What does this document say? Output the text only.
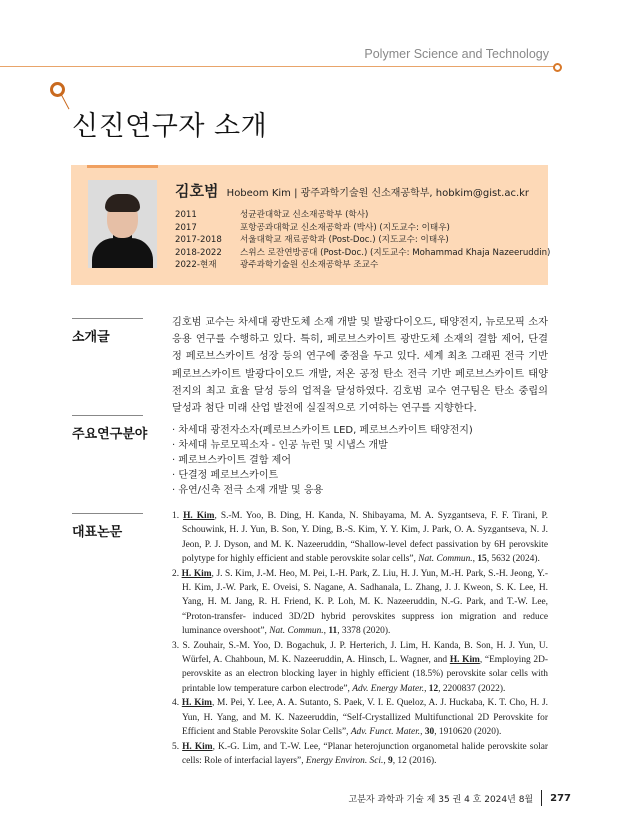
Polymer Science and Technology
신진연구자 소개
김호범 Hobeom Kim | 광주과학기술원 신소재공학부, hobkim@gist.ac.kr
2011	성균관대학교 신소재공학부 (학사)
2017	포항공과대학교 신소재공학과 (박사) (지도교수: 이태우)
2017-2018	서울대학교 재료공학과 (Post-Doc.) (지도교수: 이태우)
2018-2022	스위스 로잔연방공대 (Post-Doc.) (지도교수: Mohammad Khaja Nazeeruddin)
2022-현재	광주과학기술원 신소재공학부 조교수
소개글
김호범 교수는 차세대 광반도체 소재 개발 및 발광다이오드, 태양전지, 뉴로모픽 소자 응용 연구를 수행하고 있다. 특히, 페로브스카이트 광반도체 소재의 결함 제어, 단결정 페로브스카이트 성장 등의 연구에 중점을 두고 있다. 세계 최초 그래핀 전극 기반 페로브스카이트 발광다이오드 개발, 저온 공정 탄소 전극 기반 페로브스카이트 태양전지의 최고 효율 달성 등의 업적을 달성하였다. 김호범 교수 연구팀은 탄소 중립의 달성과 첨단 미래 산업 발전에 실질적으로 기여하는 연구를 지향한다.
주요연구분야 · 차세대 광전자소자(페로브스카이트 LED, 페로브스카이트 태양전지)
· 차세대 뉴로모픽소자 - 인공 뉴런 및 시냅스 개발
· 페로브스카이트 결함 제어
· 단결정 페로브스카이트
· 유연/신축 전극 소재 개발 및 응용
대표논문
1. H. Kim, S.-M. Yoo, B. Ding, H. Kanda, N. Shibayama, M. A. Syzgantseva, F. F. Tirani, P. Schouwink, H. J. Yun, B. Son, Y. Ding, B.-S. Kim, Y. Y. Kim, J. Park, O. A. Syzgantseva, N. J. Jeon, P. J. Dyson, and M. K. Nazeeruddin, “Shallow-level defect passivation by 6H perovskite polytype for highly efficient and stable perovskite solar cells”, Nat. Commun., 15, 5632 (2024).
2. H. Kim, J. S. Kim, J.-M. Heo, M. Pei, I.-H. Park, Z. Liu, H. J. Yun, M.-H. Park, S.-H. Jeong, Y.-H. Kim, J.-W. Park, E. Oveisi, S. Nagane, A. Sadhanala, L. Zhang, J. J. Kweon, S. K. Lee, H. Yang, H. M. Jang, R. H. Friend, K. P. Loh, M. K. Nazeeruddin, N.-G. Park, and T.-W. Lee, “Proton-transfer- induced 3D/2D hybrid perovskites suppress ion migration and reduce luminance overshoot”, Nat. Commun., 11, 3378 (2020).
3. S. Zouhair, S.-M. Yoo, D. Bogachuk, J. P. Herterich, J. Lim, H. Kanda, B. Son, H. J. Yun, U. Würfel, A. Chahboun, M. K. Nazeeruddin, A. Hinsch, L. Wagner, and H. Kim, “Employing 2D-perovskite as an electron blocking layer in highly efficient (18.5%) perovskite solar cells with printable low temperature carbon electrode”, Adv. Energy Mater., 12, 2200837 (2022).
4. H. Kim, M. Pei, Y. Lee, A. A. Sutanto, S. Paek, V. I. E. Queloz, A. J. Huckaba, K. T. Cho, H. J. Yun, H. Yang, and M. K. Nazeeruddin, “Self-Crystallized Multifunctional 2D Perovskite for Efficient and Stable Perovskite Solar Cells”, Adv. Funct. Mater., 30, 1910620 (2020).
5. H. Kim, K.-G. Lim, and T.-W. Lee, “Planar heterojunction organometal halide perovskite solar cells: Role of interfacial layers”, Energy Environ. Sci., 9, 12 (2016).
고분자 과학과 기술 제 35 권 4 호 2024년 8월 277
